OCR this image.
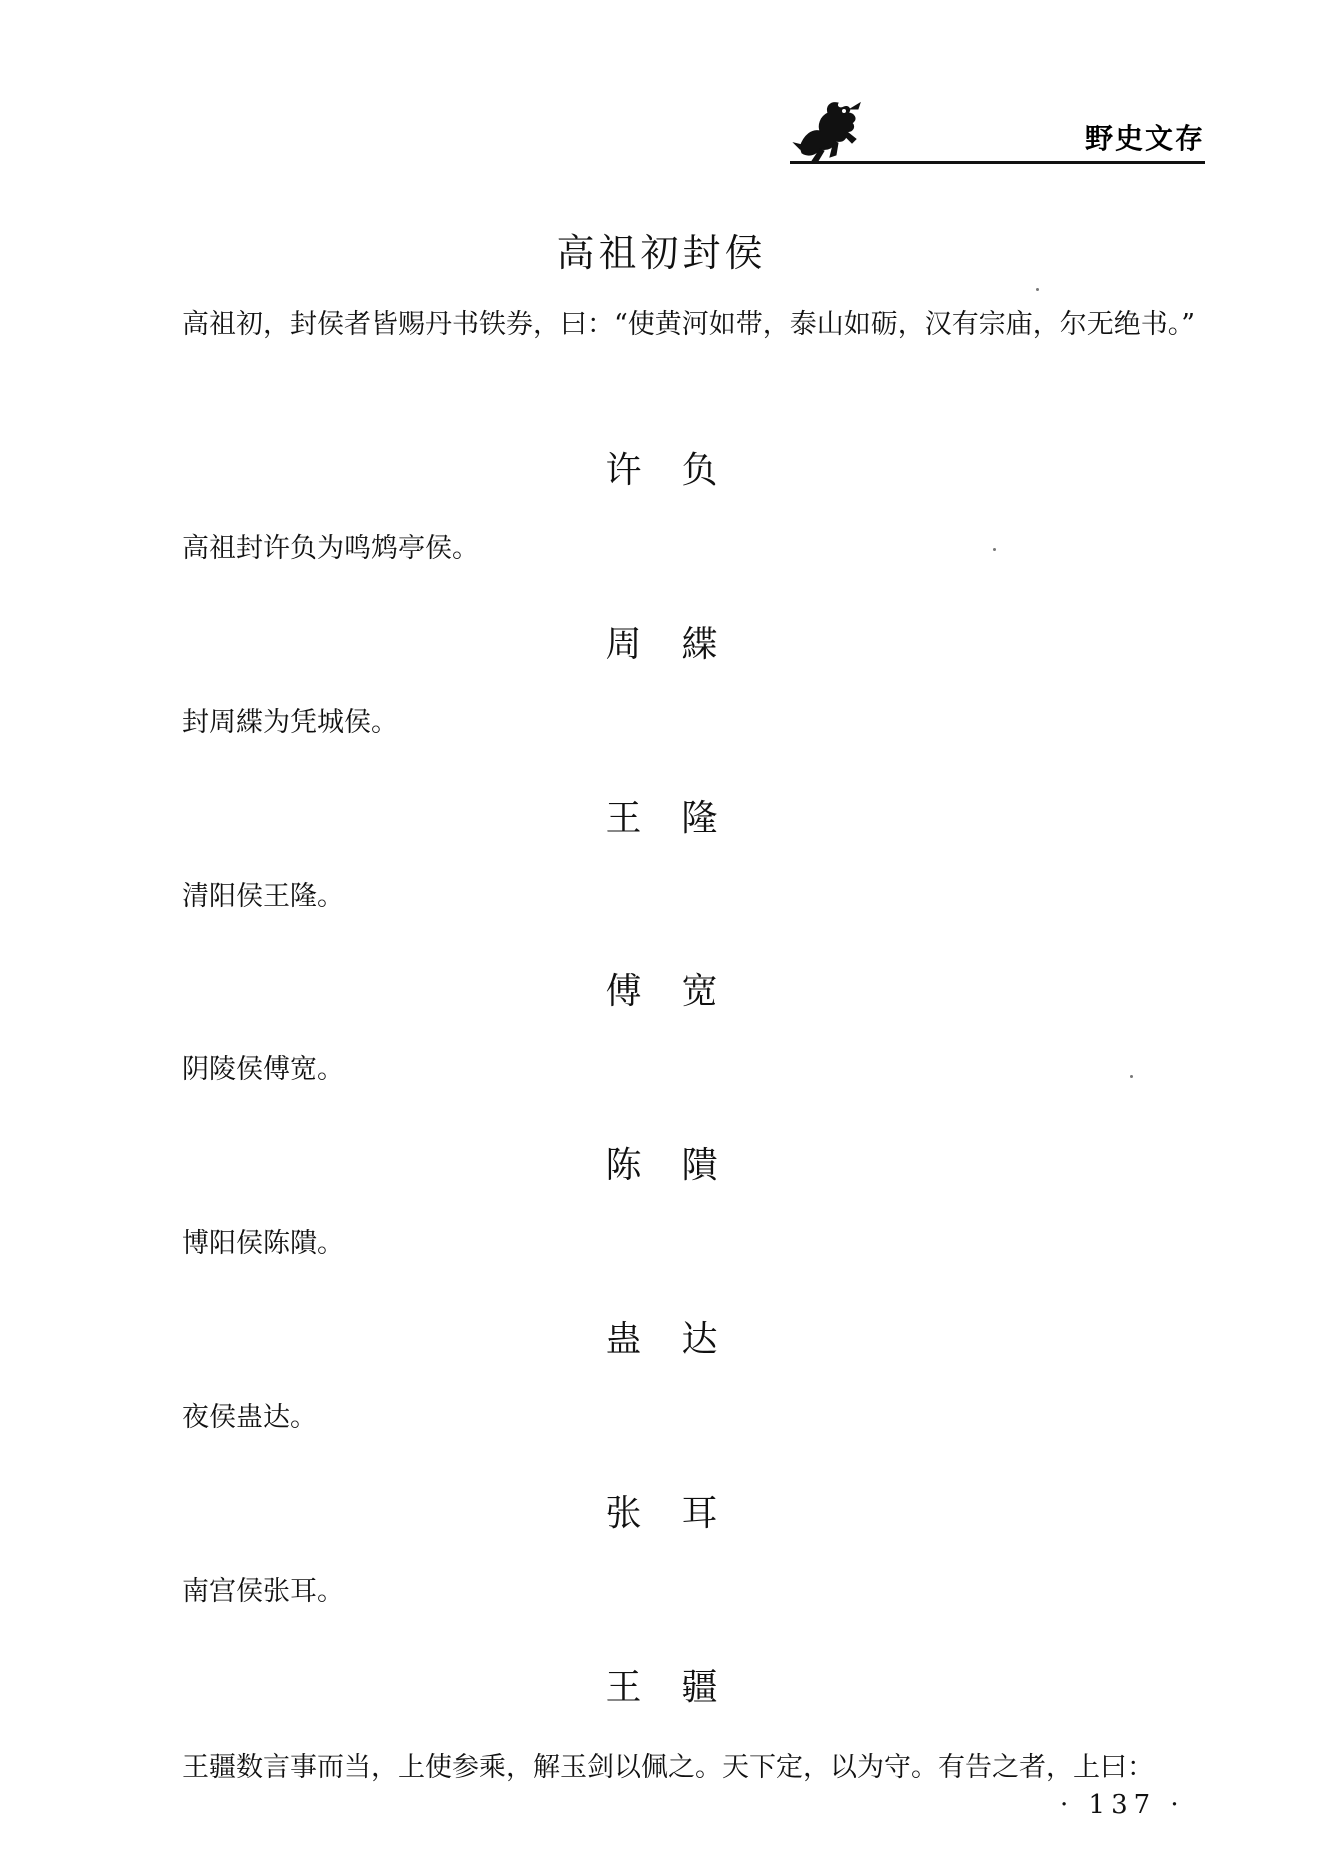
野史文存
高祖初封侯
高祖初，封侯者皆赐丹书铁券，曰：“使黄河如带，泰山如砺，汉有宗庙，尔无绝书。”
许负
高祖封许负为鸣鸩亭侯。
周緤
封周緤为凭城侯。
王隆
清阳侯王隆。
傅宽
阴陵侯傅宽。
陈隤
博阳侯陈隤。
蛊达
夜侯蛊达。
张耳
南宫侯张耳。
王疆
王疆数言事而当，上使参乘，解玉剑以佩之。天下定，以为守。有告之者，上曰：
· 137 ·
